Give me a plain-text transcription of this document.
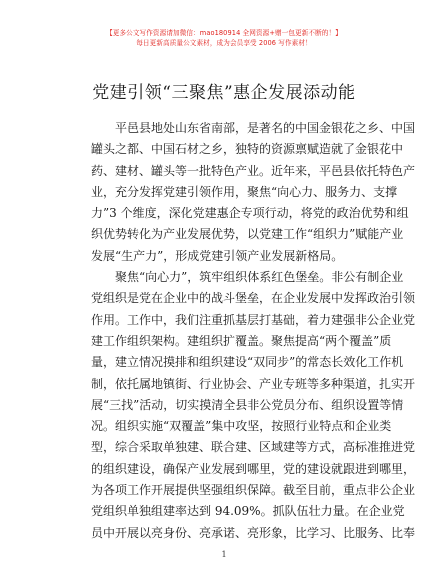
【更多公文写作资源请加微信：mao180914 全网资源+赠一包更新不断的！】
每日更新高质量公文素材，成为会员享受 2006 写作素材！
党建引领“三聚焦”惠企发展添动能

平邑县地处山东省南部，是著名的中国金银花之乡、中国
罐头之都、中国石材之乡，独特的资源禀赋造就了金银花中
药、建材、罐头等一批特色产业。近年来，平邑县依托特色产
业，充分发挥党建引领作用，聚焦“向心力、服务力、支撑
力”3 个维度，深化党建惠企专项行动，将党的政治优势和组
织优势转化为产业发展优势，以党建工作“组织力”赋能产业
发展“生产力”，形成党建引领产业发展新格局。

聚焦“向心力”，筑牢组织体系红色堡垒。非公有制企业
党组织是党在企业中的战斗堡垒，在企业发展中发挥政治引领
作用。工作中，我们注重抓基层打基础，着力建强非公企业党
建工作组织架构。建组织扩覆盖。聚焦提高“两个覆盖”质
量，建立情况摸排和组织建设“双同步”的常态长效化工作机
制，依托属地镇街、行业协会、产业专班等多种渠道，扎实开
展“三找”活动，切实摸清全县非公党员分布、组织设置等情
况。组织实施“双覆盖”集中攻坚，按照行业特点和企业类
型，综合采取单独建、联合建、区域建等方式，高标准推进党
的组织建设，确保产业发展到哪里，党的建设就跟进到哪里，
为各项工作开展提供坚强组织保障。截至目前，重点非公企业
党组织单独组建率达到 94.09%。抓队伍壮力量。在企业党
员中开展以亮身份、亮承诺、亮形象，比学习、比服务、比奉

1
